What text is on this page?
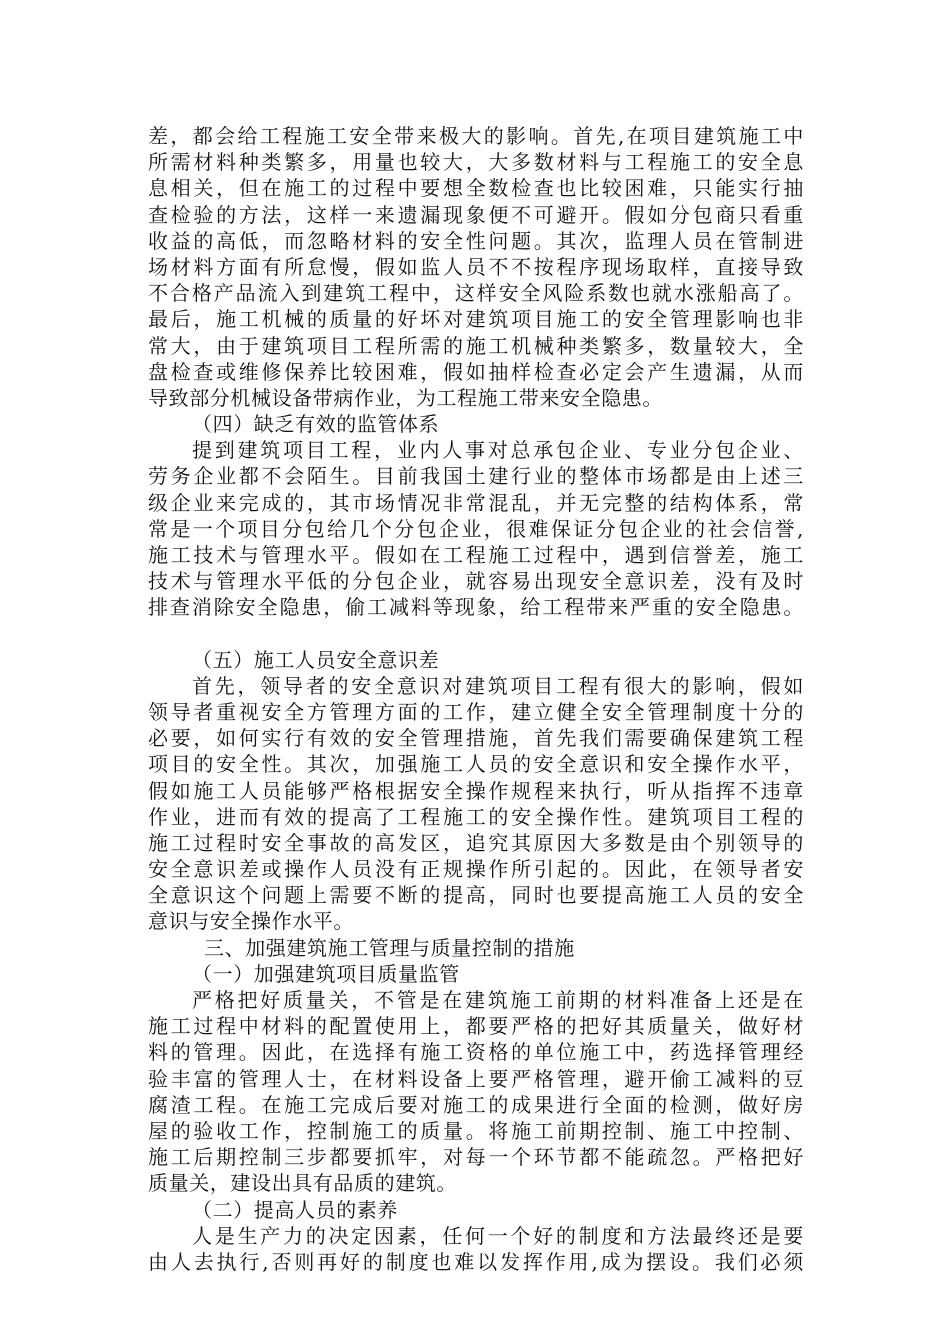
差，都会给工程施工安全带来极大的影响。首先,在项目建筑施工中
所需材料种类繁多，用量也较大，大多数材料与工程施工的安全息
息相关，但在施工的过程中要想全数检查也比较困难，只能实行抽
查检验的方法，这样一来遗漏现象便不可避开。假如分包商只看重
收益的高低，而忽略材料的安全性问题。其次，监理人员在管制进
场材料方面有所怠慢，假如监人员不不按程序现场取样，直接导致
不合格产品流入到建筑工程中，这样安全风险系数也就水涨船高了。
最后，施工机械的质量的好坏对建筑项目施工的安全管理影响也非
常大，由于建筑项目工程所需的施工机械种类繁多，数量较大，全
盘检查或维修保养比较困难，假如抽样检查必定会产生遗漏，从而
导致部分机械设备带病作业，为工程施工带来安全隐患。
（四）缺乏有效的监管体系
提到建筑项目工程，业内人事对总承包企业、专业分包企业、
劳务企业都不会陌生。目前我国土建行业的整体市场都是由上述三
级企业来完成的，其市场情况非常混乱，并无完整的结构体系，常
常是一个项目分包给几个分包企业，很难保证分包企业的社会信誉,
施工技术与管理水平。假如在工程施工过程中，遇到信誉差，施工
技术与管理水平低的分包企业，就容易出现安全意识差，没有及时
排查消除安全隐患，偷工减料等现象，给工程带来严重的安全隐患。
（五）施工人员安全意识差
首先，领导者的安全意识对建筑项目工程有很大的影响，假如
领导者重视安全方管理方面的工作，建立健全安全管理制度十分的
必要，如何实行有效的安全管理措施，首先我们需要确保建筑工程
项目的安全性。其次，加强施工人员的安全意识和安全操作水平，
假如施工人员能够严格根据安全操作规程来执行，听从指挥不违章
作业，进而有效的提高了工程施工的安全操作性。建筑项目工程的
施工过程时安全事故的高发区，追究其原因大多数是由个别领导的
安全意识差或操作人员没有正规操作所引起的。因此，在领导者安
全意识这个问题上需要不断的提高，同时也要提高施工人员的安全
意识与安全操作水平。
三、加强建筑施工管理与质量控制的措施
（一）加强建筑项目质量监管
严格把好质量关，不管是在建筑施工前期的材料准备上还是在
施工过程中材料的配置使用上，都要严格的把好其质量关，做好材
料的管理。因此，在选择有施工资格的单位施工中，药选择管理经
验丰富的管理人士，在材料设备上要严格管理，避开偷工减料的豆
腐渣工程。在施工完成后要对施工的成果进行全面的检测，做好房
屋的验收工作，控制施工的质量。将施工前期控制、施工中控制、
施工后期控制三步都要抓牢，对每一个环节都不能疏忽。严格把好
质量关，建设出具有品质的建筑。
（二）提高人员的素养
人是生产力的决定因素，任何一个好的制度和方法最终还是要
由人去执行,否则再好的制度也难以发挥作用,成为摆设。我们必须
